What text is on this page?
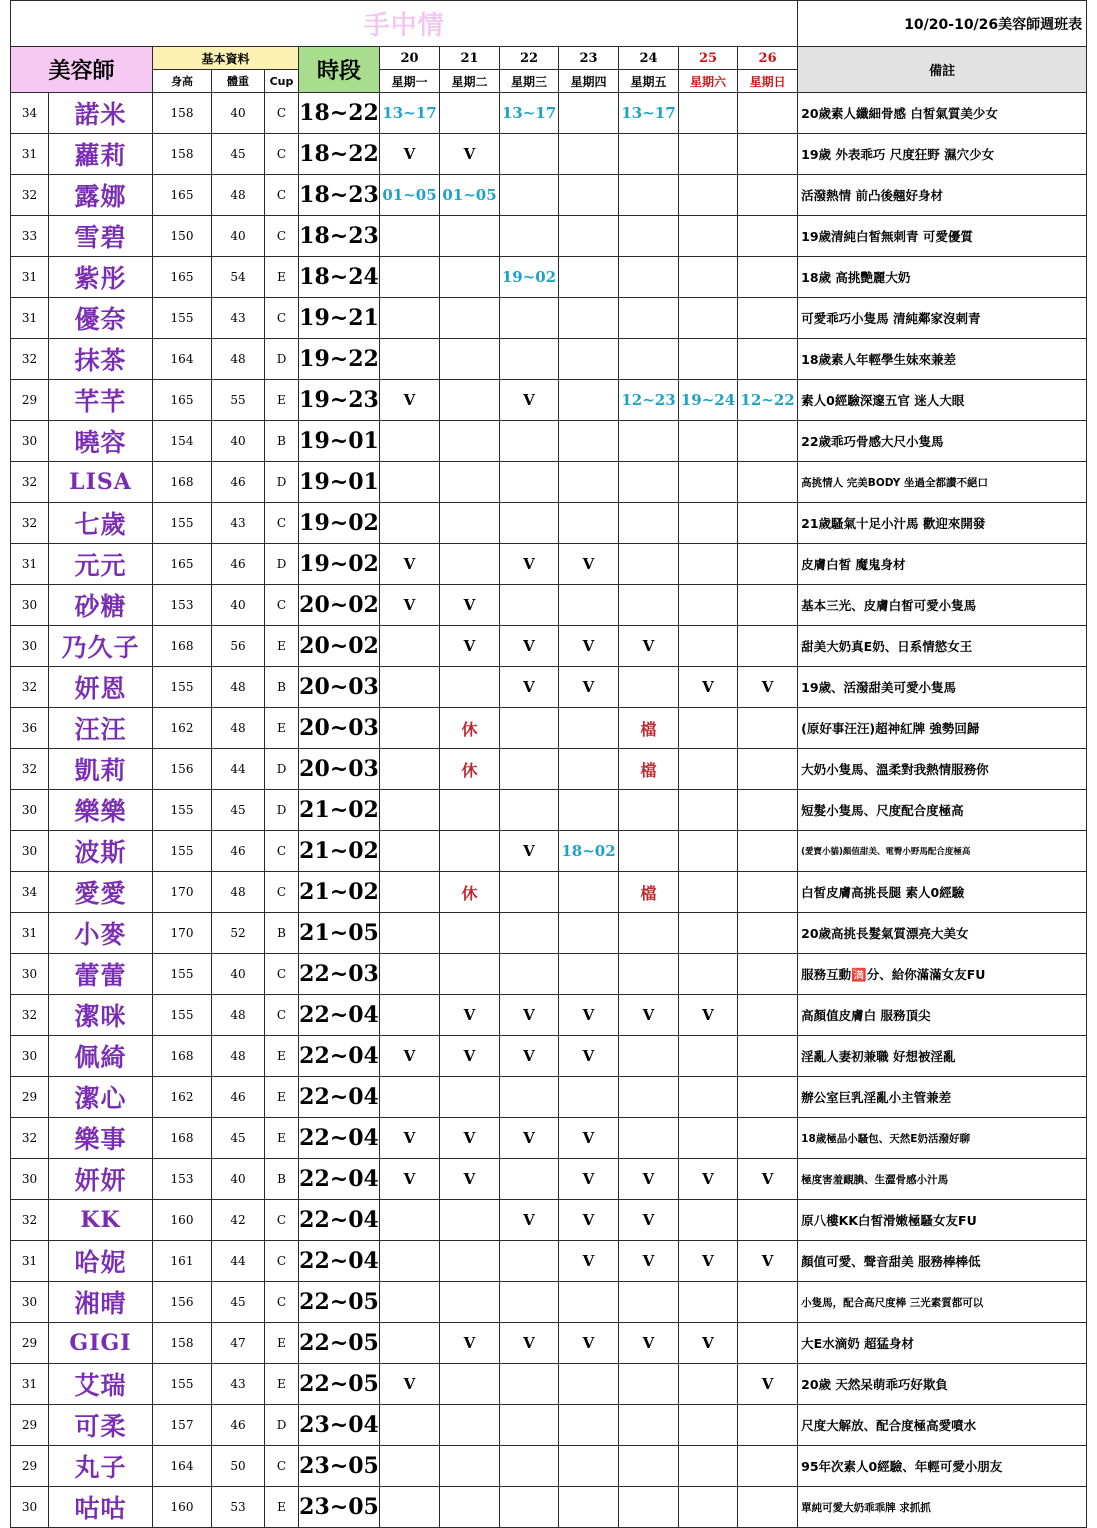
手中情													10/20-10/26美容師週班表
美容師		基本資料			時段	20	21	22	23	24	25	26	備註
		身高	體重	Cup		星期一	星期二	星期三	星期四	星期五	星期六	星期日	
34	諾米	158	40	C	18~22	13~17		13~17		13~17			20歲素人纖細骨感 白皙氣質美少女
31	蘿莉	158	45	C	18~22	V	V						19歲 外表乖巧 尺度狂野 濕穴少女
32	露娜	165	48	C	18~23	01~05	01~05						活潑熱情 前凸後翹好身材
33	雪碧	150	40	C	18~23								19歲清純白皙無刺青 可愛優質
31	紫彤	165	54	E	18~24			19~02					18歲 高挑艷麗大奶
31	優奈	155	43	C	19~21								可愛乖巧小隻馬 清純鄰家沒刺青
32	抹茶	164	48	D	19~22								18歲素人年輕學生妹來兼差
29	芊芊	165	55	E	19~23	V		V		12~23	19~24	12~22	素人0經驗深邃五官 迷人大眼
30	曉容	154	40	B	19~01								22歲乖巧骨感大尺小隻馬
32	LISA	168	46	D	19~01								高挑情人 完美BODY 坐過全都讚不絕口
32	七歲	155	43	C	19~02								21歲騷氣十足小汁馬 歡迎來開發
31	元元	165	46	D	19~02	V		V	V				皮膚白皙 魔鬼身材
30	砂糖	153	40	C	20~02	V	V						基本三光、皮膚白皙可愛小隻馬
30	乃久子	168	56	E	20~02		V	V	V	V			甜美大奶真E奶、日系情慾女王
32	妍恩	155	48	B	20~03			V	V		V	V	19歲、活潑甜美可愛小隻馬
36	汪汪	162	48	E	20~03		休			檔			(原好事汪汪)超神紅牌 強勢回歸
32	凱莉	156	44	D	20~03		休			檔			大奶小隻馬、溫柔對我熱情服務你
30	樂樂	155	45	D	21~02								短髮小隻馬、尺度配合度極高
30	波斯	155	46	C	21~02			V	18~02				(愛寶小貓)顏值甜美、電臀小野馬配合度極高
34	愛愛	170	48	C	21~02		休			檔			白皙皮膚高挑長腿 素人0經驗
31	小麥	170	52	B	21~05								20歲高挑長髮氣質漂亮大美女
30	蕾蕾	155	40	C	22~03								服務互動🈵分、給你滿滿女友FU
32	潔咪	155	48	C	22~04		V	V	V	V	V		高顏值皮膚白 服務頂尖
30	佩綺	168	48	E	22~04	V	V	V	V				淫亂人妻初兼職 好想被淫亂
29	潔心	162	46	E	22~04								辦公室巨乳淫亂小主管兼差
32	樂事	168	45	E	22~04	V	V	V	V				18歲極品小騷包、天然E奶活潑好聊
30	妍妍	153	40	B	22~04	V	V		V	V	V	V	極度害羞靦腆、生澀骨感小汁馬
32	KK	160	42	C	22~04			V	V	V			原八樓KK白皙滑嫩極騷女友FU
31	哈妮	161	44	C	22~04				V	V	V	V	顏值可愛、聲音甜美 服務棒棒低
30	湘晴	156	45	C	22~05								小隻馬，配合高尺度棒 三光素質都可以
29	GIGI	158	47	E	22~05		V	V	V	V	V		大E水滴奶 超猛身材
31	艾瑞	155	43	E	22~05	V						V	20歲 天然呆萌乖巧好欺負
29	可柔	157	46	D	23~04								尺度大解放、配合度極高愛噴水
29	丸子	164	50	C	23~05								95年次素人0經驗、年輕可愛小朋友
30	咕咕	160	53	E	23~05								單純可愛大奶乖乖牌 求抓抓
